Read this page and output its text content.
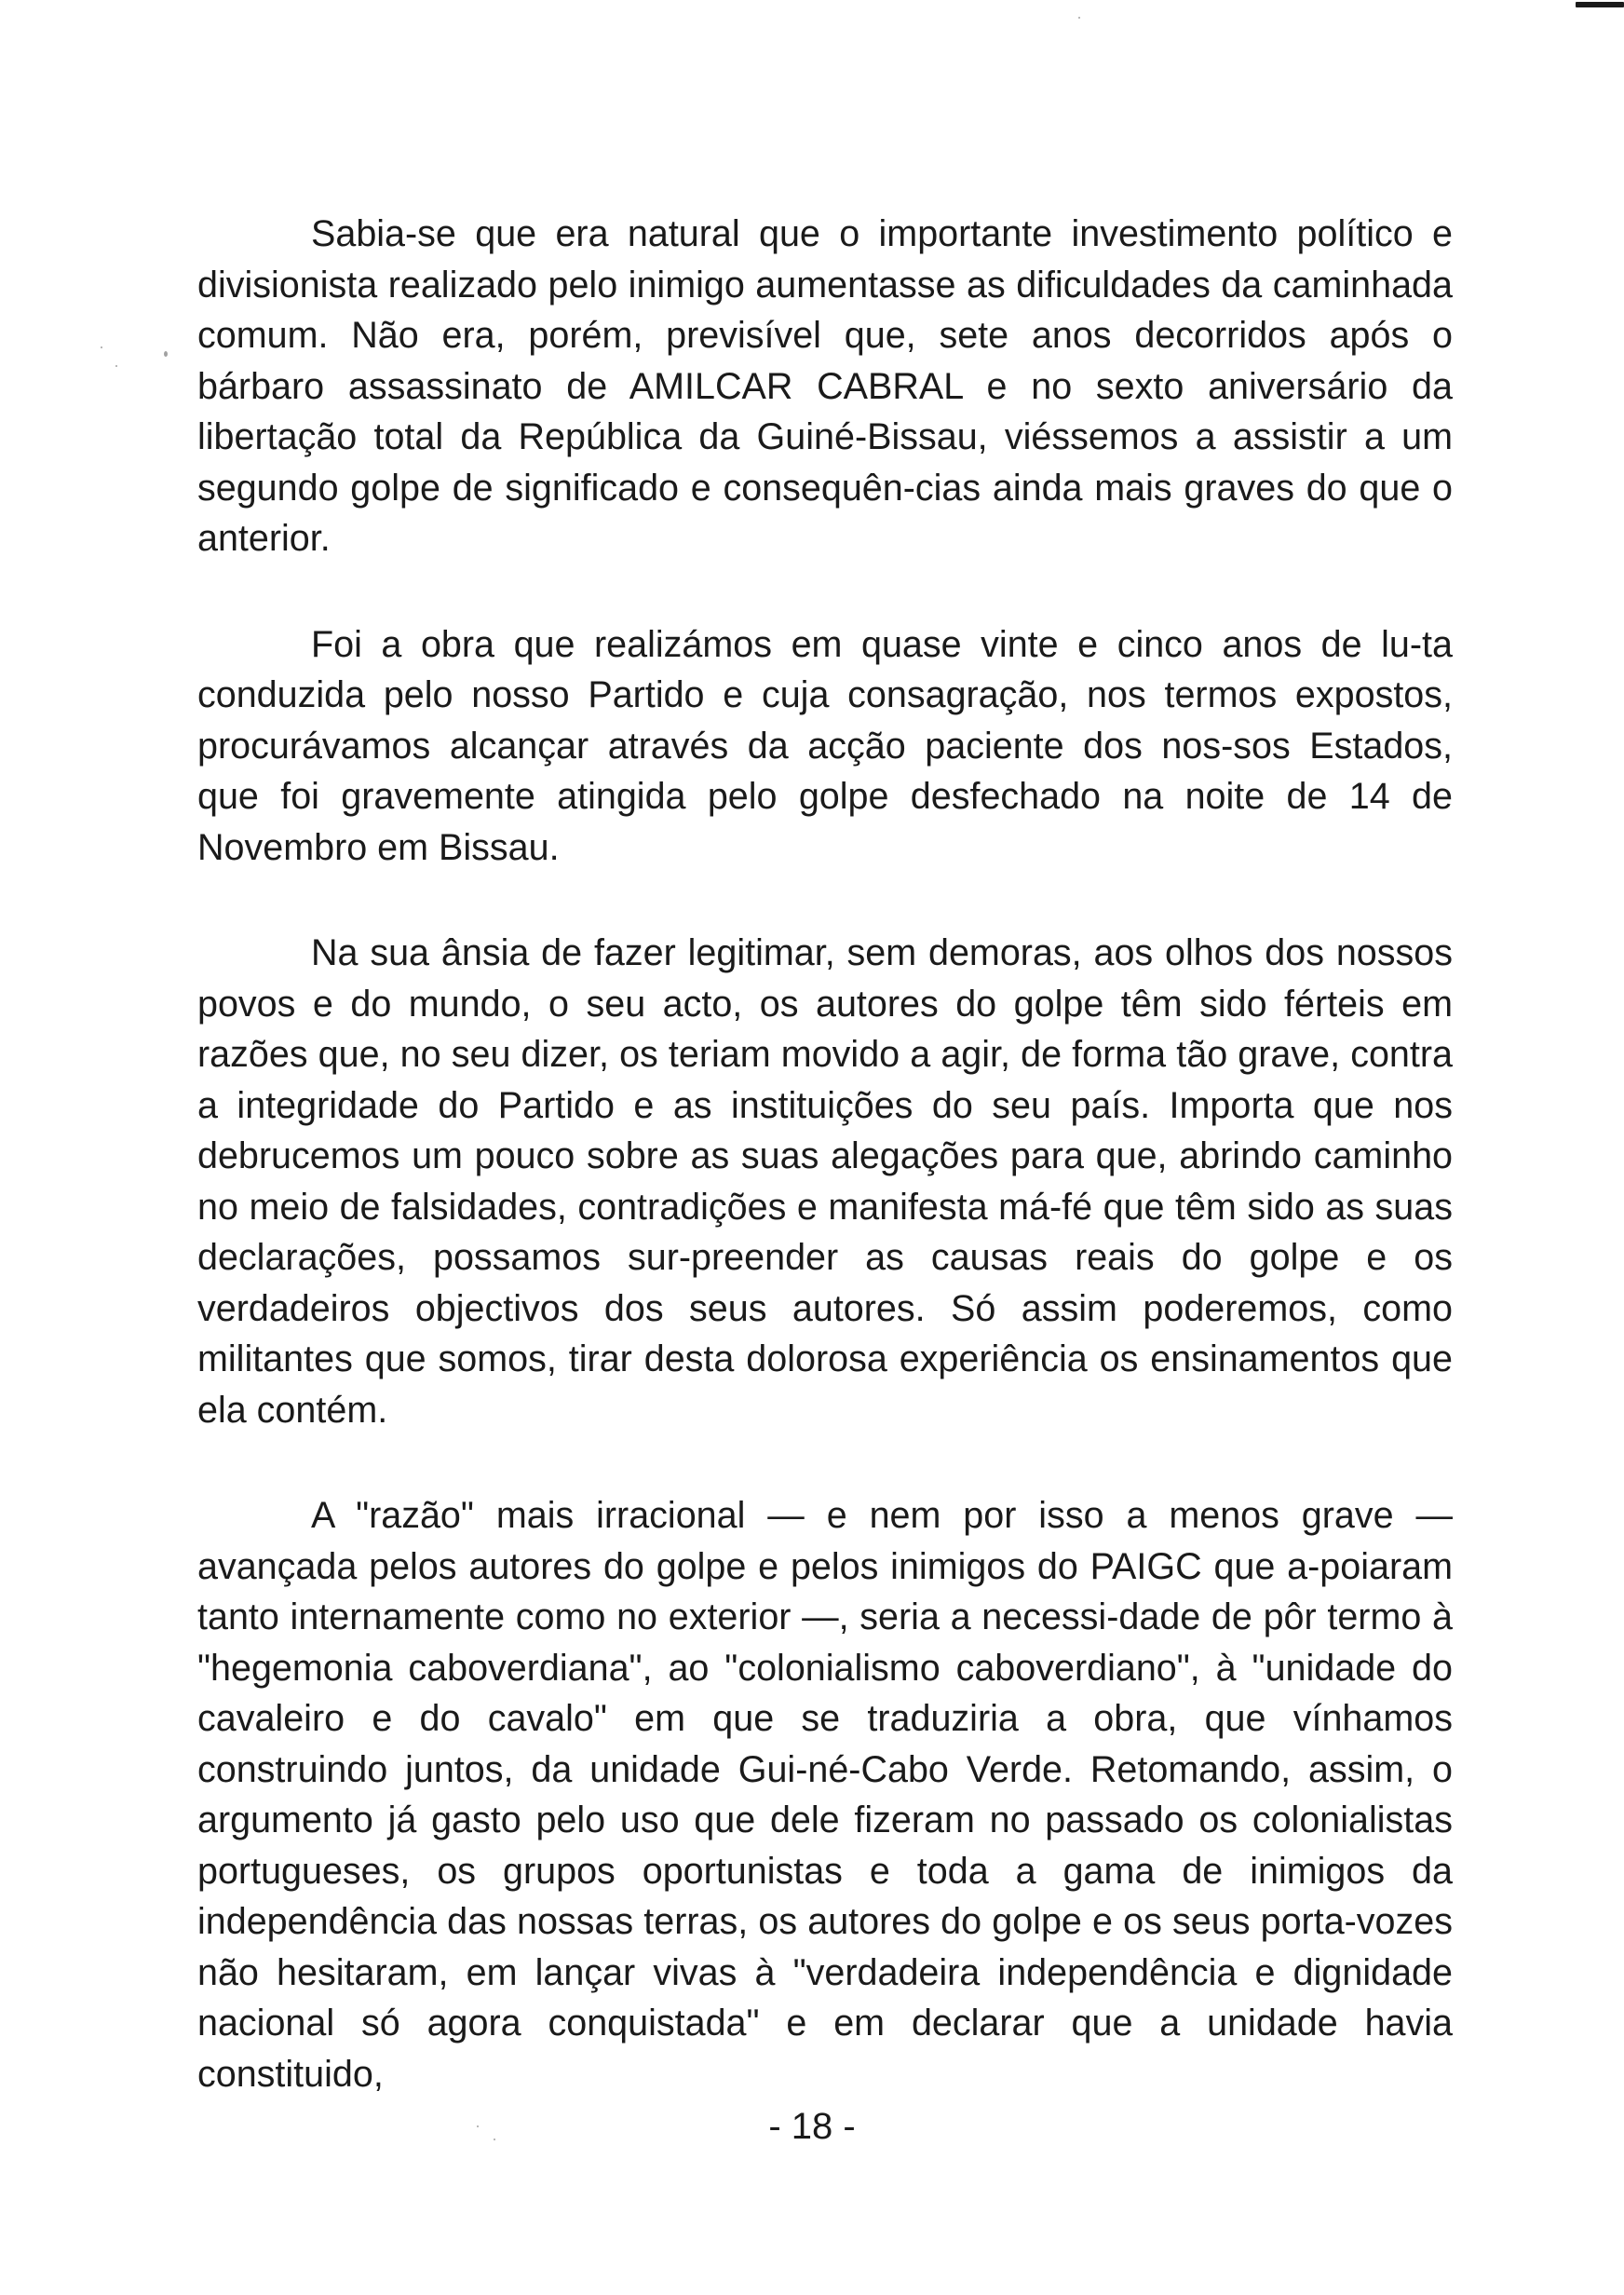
Sabia-se que era natural que o importante investimento político e divisionista realizado pelo inimigo aumentasse as dificuldades da caminhada comum. Não era, porém, previsível que, sete anos decorridos após o bárbaro assassinato de AMILCAR CABRAL e no sexto aniversário da libertação total da República da Guiné-Bissau, viéssemos a assistir a um segundo golpe de significado e consequên-cias ainda mais graves do que o anterior.

Foi a obra que realizámos em quase vinte e cinco anos de lu-ta conduzida pelo nosso Partido e cuja consagração, nos termos expostos, procurávamos alcançar através da acção paciente dos nos-sos Estados, que foi gravemente atingida pelo golpe desfechado na noite de 14 de Novembro em Bissau.

Na sua ânsia de fazer legitimar, sem demoras, aos olhos dos nossos povos e do mundo, o seu acto, os autores do golpe têm sido férteis em razões que, no seu dizer, os teriam movido a agir, de forma tão grave, contra a integridade do Partido e as instituições do seu país. Importa que nos debrucemos um pouco sobre as suas alegações para que, abrindo caminho no meio de falsidades, contradições e manifesta má-fé que têm sido as suas declarações, possamos sur-preender as causas reais do golpe e os verdadeiros objectivos dos seus autores. Só assim poderemos, como militantes que somos, tirar desta dolorosa experiência os ensinamentos que ela contém.

A "razão" mais irracional — e nem por isso a menos grave — avançada pelos autores do golpe e pelos inimigos do PAIGC que a-poiaram tanto internamente como no exterior —, seria a necessi-dade de pôr termo à "hegemonia caboverdiana", ao "colonialismo caboverdiano", à "unidade do cavaleiro e do cavalo" em que se traduziria a obra, que vínhamos construindo juntos, da unidade Gui-né-Cabo Verde. Retomando, assim, o argumento já gasto pelo uso que dele fizeram no passado os colonialistas portugueses, os grupos oportunistas e toda a gama de inimigos da independência das nossas terras, os autores do golpe e os seus porta-vozes não hesitaram, em lançar vivas à "verdadeira independência e dignidade nacional só agora conquistada" e em declarar que a unidade havia constituido,

- 18 -
